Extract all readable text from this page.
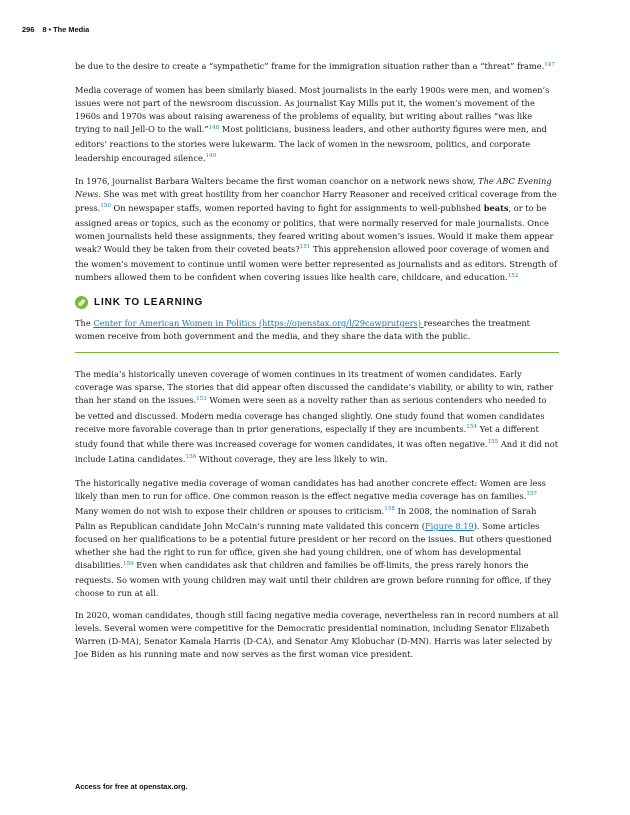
296 8 • The Media

be due to the desire to create a “sympathetic” frame for the immigration situation rather than a “threat” frame.$^{147}$

Media coverage of women has been similarly biased. Most journalists in the early 1900s were men, and women’s issues were not part of the newsroom discussion. As journalist Kay Mills put it, the women’s movement of the 1960s and 1970s was about raising awareness of the problems of equality, but writing about rallies “was like trying to nail Jell-O to the wall.”$^{148}$ Most politicians, business leaders, and other authority figures were men, and editors’ reactions to the stories were lukewarm. The lack of women in the newsroom, politics, and corporate leadership encouraged silence.$^{149}$

In 1976, journalist Barbara Walters became the first woman coanchor on a network news show, The ABC Evening News. She was met with great hostility from her coanchor Harry Reasoner and received critical coverage from the press.$^{150}$ On newspaper staffs, women reported having to fight for assignments to well-published beats, or to be assigned areas or topics, such as the economy or politics, that were normally reserved for male journalists. Once women journalists held these assignments, they feared writing about women’s issues. Would it make them appear weak? Would they be taken from their coveted beats?$^{151}$ This apprehension allowed poor coverage of women and the women’s movement to continue until women were better represented as journalists and as editors. Strength of numbers allowed them to be confident when covering issues like health care, childcare, and education.$^{152}$

LINK TO LEARNING

The Center for American Women in Politics (https://openstax.org/l/29cawprutgers) researches the treatment women receive from both government and the media, and they share the data with the public.

The media’s historically uneven coverage of women continues in its treatment of women candidates. Early coverage was sparse. The stories that did appear often discussed the candidate’s viability, or ability to win, rather than her stand on the issues.$^{153}$ Women were seen as a novelty rather than as serious contenders who needed to be vetted and discussed. Modern media coverage has changed slightly. One study found that women candidates receive more favorable coverage than in prior generations, especially if they are incumbents.$^{154}$ Yet a different study found that while there was increased coverage for women candidates, it was often negative.$^{155}$ And it did not include Latina candidates.$^{156}$ Without coverage, they are less likely to win.

The historically negative media coverage of woman candidates has had another concrete effect: Women are less likely than men to run for office. One common reason is the effect negative media coverage has on families.$^{157}$ Many women do not wish to expose their children or spouses to criticism.$^{158}$ In 2008, the nomination of Sarah Palin as Republican candidate John McCain’s running mate validated this concern (Figure 8.19). Some articles focused on her qualifications to be a potential future president or her record on the issues. But others questioned whether she had the right to run for office, given she had young children, one of whom has developmental disabilities.$^{159}$ Even when candidates ask that children and families be off-limits, the press rarely honors the requests. So women with young children may wait until their children are grown before running for office, if they choose to run at all.

In 2020, woman candidates, though still facing negative media coverage, nevertheless ran in record numbers at all levels. Several women were competitive for the Democratic presidential nomination, including Senator Elizabeth Warren (D-MA), Senator Kamala Harris (D-CA), and Senator Amy Klobuchar (D-MN). Harris was later selected by Joe Biden as his running mate and now serves as the first woman vice president.

Access for free at openstax.org.
